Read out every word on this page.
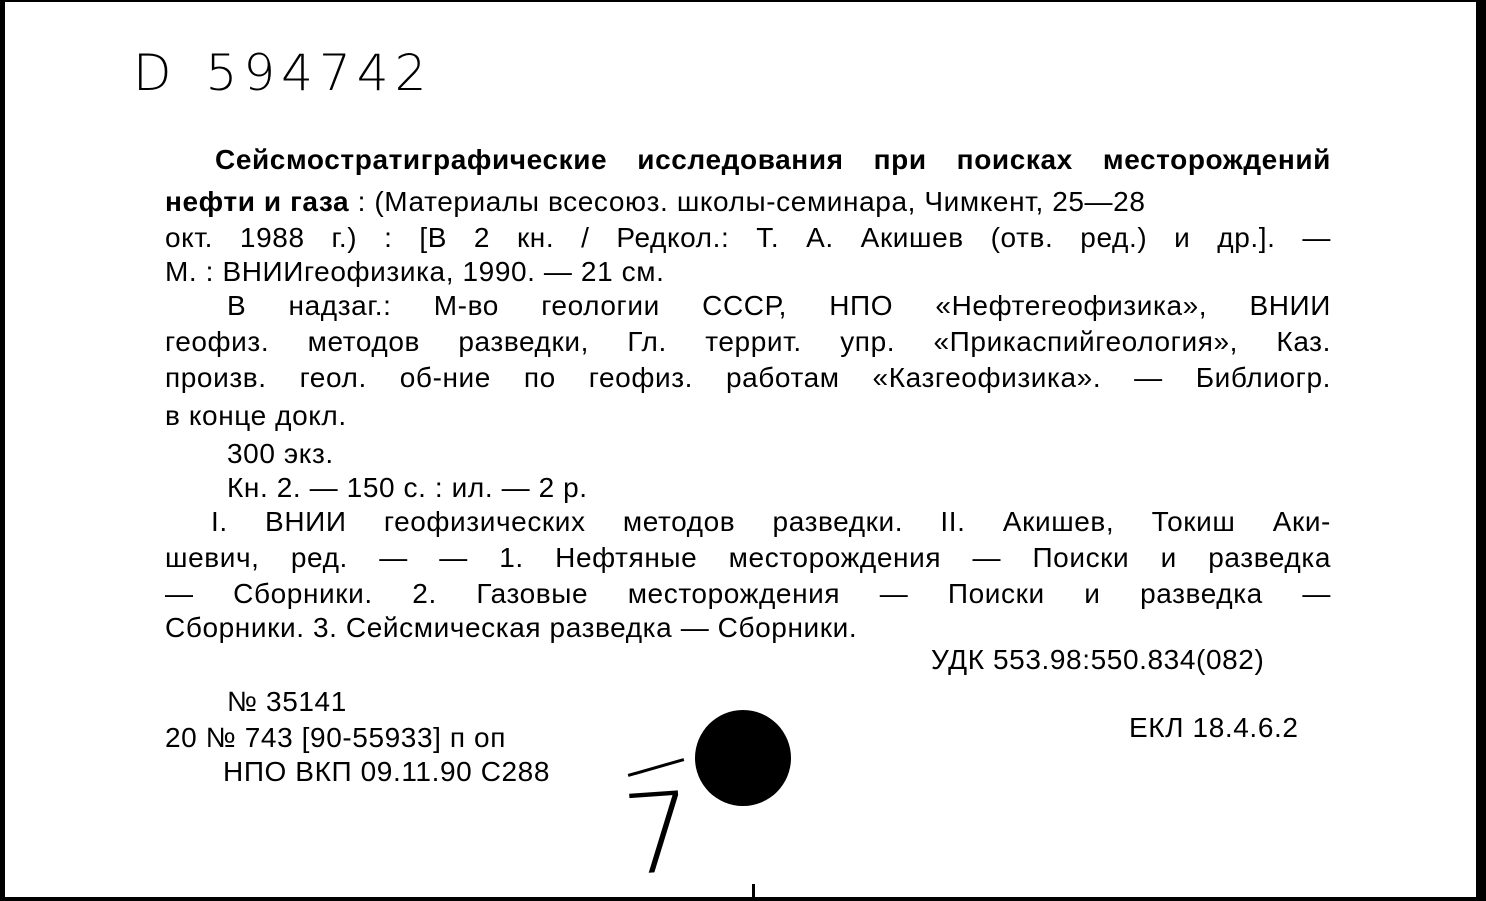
D 594742
Сейсмостратиграфические исследования при поисках месторождений
нефти и газа : (Материалы всесоюз. школы-семинара, Чимкент, 25—28
окт. 1988 г.) : [В 2 кн. / Редкол.: Т. А. Акишев (отв. ред.) и др.]. —
М. : ВНИИгеофизика, 1990. — 21 см.
В надзаг.: М-во геологии СССР, НПО «Нефтегеофизика», ВНИИ
геофиз. методов разведки, Гл. террит. упр. «Прикаспийгеология», Каз.
произв. геол. об-ние по геофиз. работам «Казгеофизика». — Библиогр.
в конце докл.
300 экз.
Кн. 2. — 150 с. : ил. — 2 р.
I. ВНИИ геофизических методов разведки. II. Акишев, Токиш Аки-
шевич, ред. — — 1. Нефтяные месторождения — Поиски и разведка
— Сборники. 2. Газовые месторождения — Поиски и разведка —
Сборники. 3. Сейсмическая разведка — Сборники.
УДК 553.98:550.834(082)
№ 35141
20 № 743 [90-55933] п оп
НПО ВКП 09.11.90 С288
ЕКЛ 18.4.6.2
7
